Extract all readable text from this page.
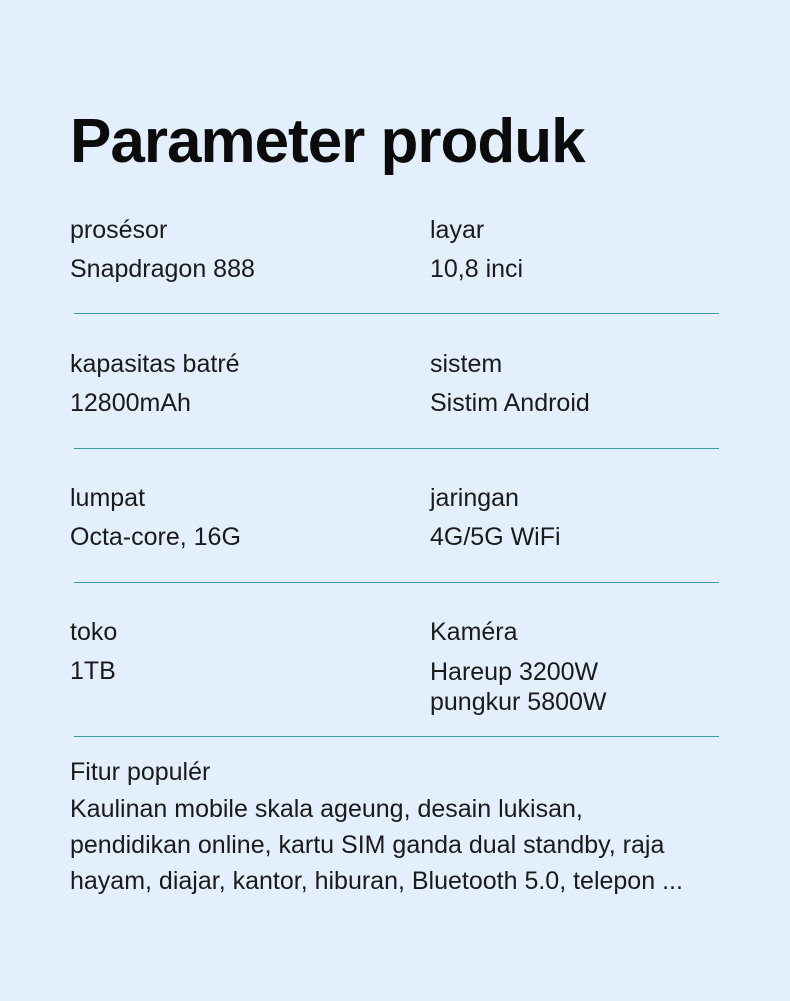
Parameter produk
prosésor
Snapdragon 888
layar
10,8 inci
kapasitas batré
12800mAh
sistem
Sistim Android
lumpat
Octa-core, 16G
jaringan
4G/5G WiFi
toko
1TB
Kaméra
Hareup 3200W
pungkur 5800W
Fitur populér
Kaulinan mobile skala ageung, desain lukisan, pendidikan online, kartu SIM ganda dual standby, raja hayam, diajar, kantor, hiburan, Bluetooth 5.0, telepon ...
